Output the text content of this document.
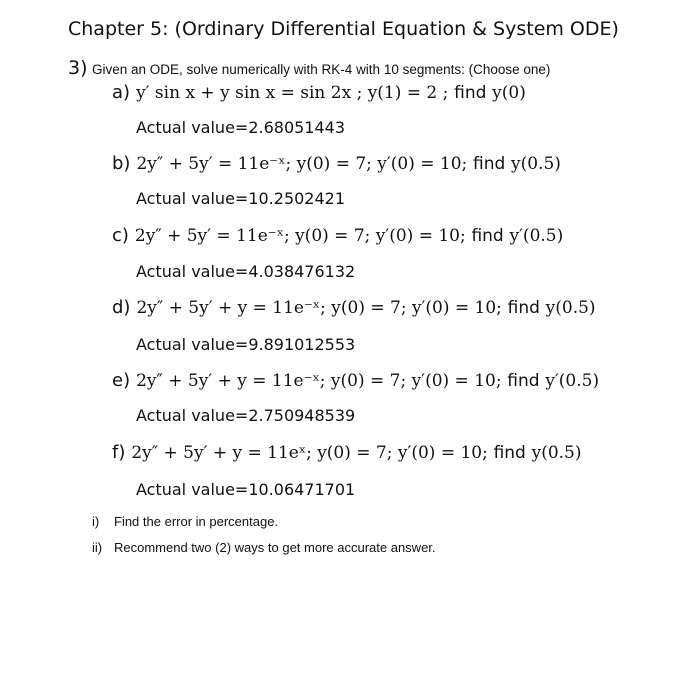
Chapter 5: (Ordinary Differential Equation & System ODE)
3) Given an ODE, solve numerically with RK-4 with 10 segments: (Choose one)
a) y′ sin x + y sin x = sin 2x ; y(1) = 2 ; find y(0)
Actual value=2.68051443
b) 2y″ + 5y′ = 11e⁻ˣ; y(0) = 7; y′(0) = 10; find y(0.5)
Actual value=10.2502421
c) 2y″ + 5y′ = 11e⁻ˣ; y(0) = 7; y′(0) = 10; find y′(0.5)
Actual value=4.038476132
d) 2y″ + 5y′ + y = 11e⁻ˣ; y(0) = 7; y′(0) = 10; find y(0.5)
Actual value=9.891012553
e) 2y″ + 5y′ + y = 11e⁻ˣ; y(0) = 7; y′(0) = 10; find y′(0.5)
Actual value=2.750948539
f) 2y″ + 5y′ + y = 11eˣ; y(0) = 7; y′(0) = 10; find y(0.5)
Actual value=10.06471701
i) Find the error in percentage.
ii) Recommend two (2) ways to get more accurate answer.
